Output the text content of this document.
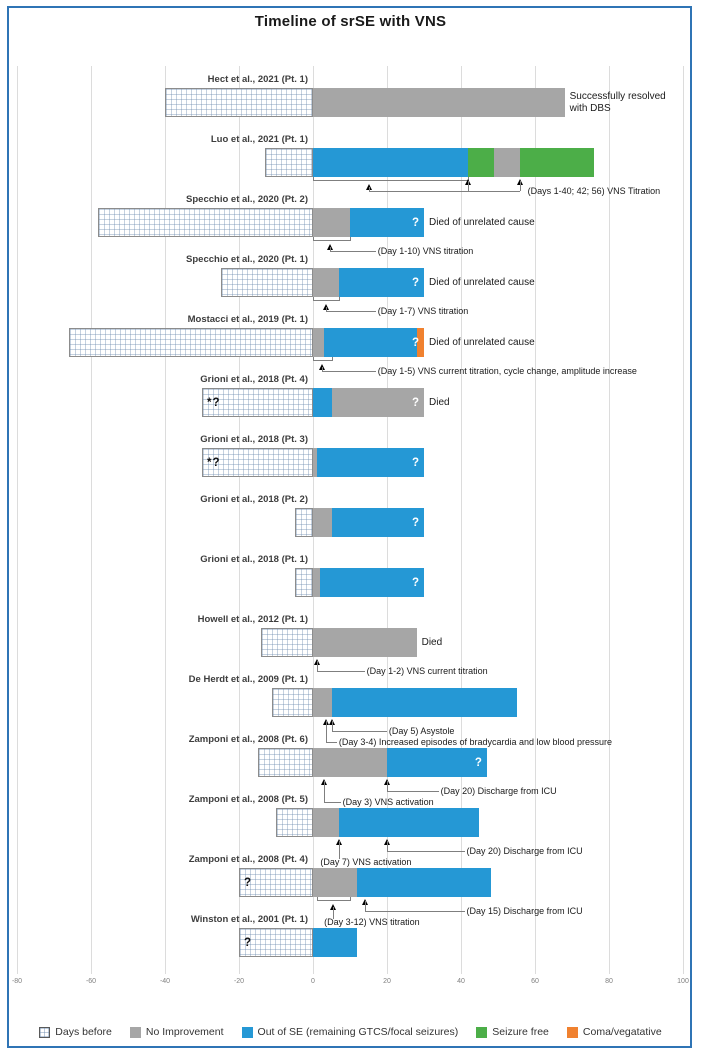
Timeline of srSE with VNS
-80	-60	-40	-20	0	20	40	60	80	100
Hect et al., 2021 (Pt. 1)
Successfully resolved
with DBS
Luo et al., 2021 (Pt. 1)
(Days 1-40; 42; 56) VNS Titration
Specchio et al., 2020 (Pt. 2)
? Died of unrelated cause
(Day 1-10) VNS titration
Specchio et al., 2020 (Pt. 1)
? Died of unrelated cause
(Day 1-7) VNS titration
Mostacci et al., 2019 (Pt. 1)
? Died of unrelated cause
(Day 1-5) VNS current titration, cycle change, amplitude increase
Grioni et al., 2018 (Pt. 4)
*?	? Died
Grioni et al., 2018 (Pt. 3)
*?	?
Grioni et al., 2018 (Pt. 2)
?
Grioni et al., 2018 (Pt. 1)
?
Howell et al., 2012 (Pt. 1)
Died
(Day 1-2) VNS current titration
De Herdt et al., 2009 (Pt. 1)
(Day 5) Asystole
(Day 3-4) Increased episodes of bradycardia and low blood pressure
Zamponi et al., 2008 (Pt. 6)
?
(Day 3) VNS activation
(Day 20) Discharge from ICU
Zamponi et al., 2008 (Pt. 5)
(Day 7) VNS activation
(Day 20) Discharge from ICU
Zamponi et al., 2008 (Pt. 4)
?
(Day 3-12) VNS titration
(Day 15) Discharge from ICU
Winston et al., 2001 (Pt. 1)
?
Days before	No Improvement	Out of SE (remaining GTCS/focal seizures)	Seizure free	Coma/vegatative
